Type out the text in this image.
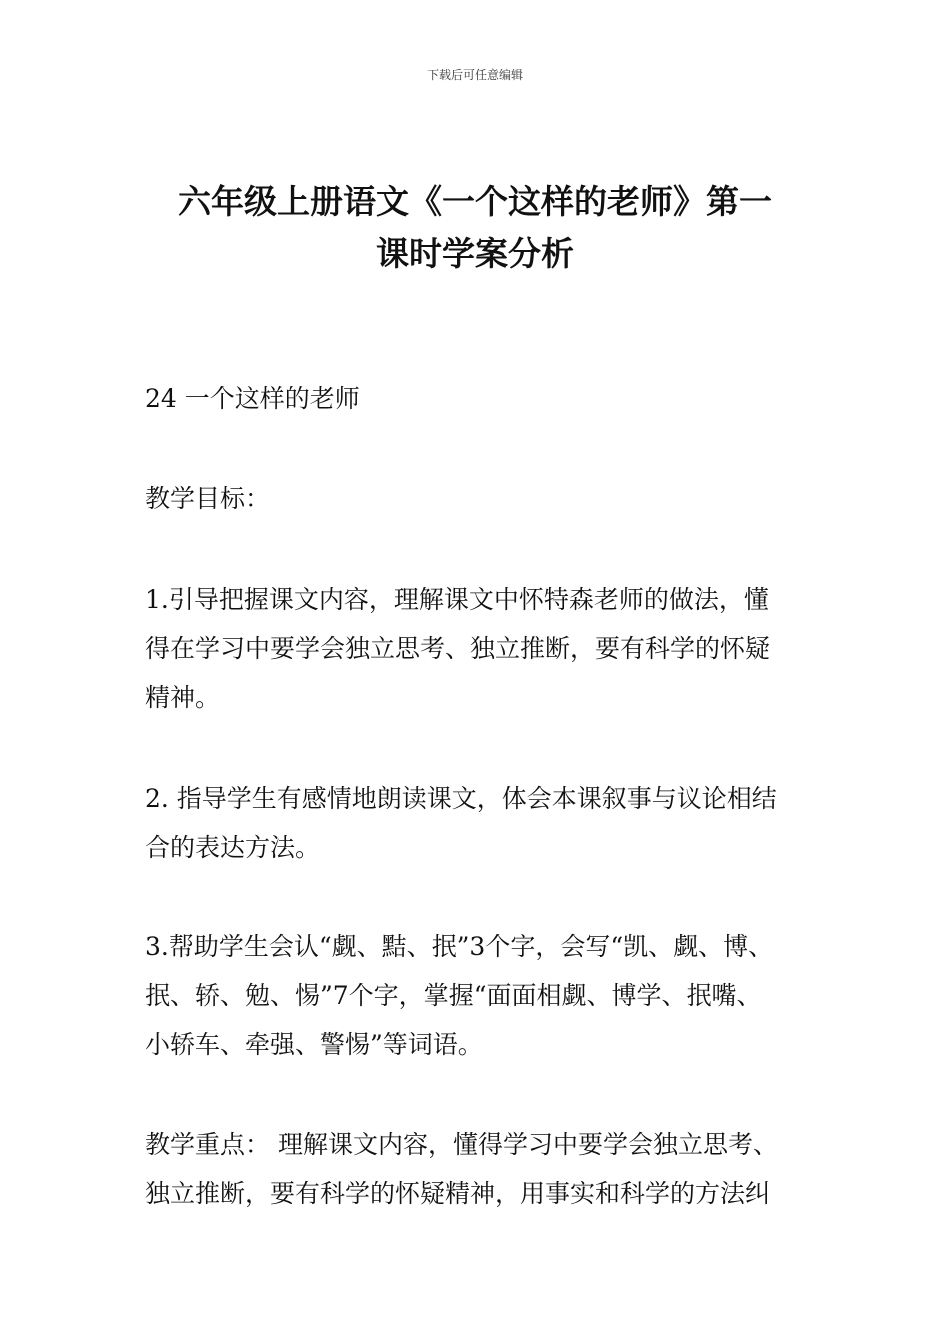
下载后可任意编辑
六年级上册语文《一个这样的老师》第一
课时学案分析
24 一个这样的老师
教学目标：
1.引导把握课文内容，理解课文中怀特森老师的做法，懂
得在学习中要学会独立思考、独立推断，要有科学的怀疑
精神。
2. 指导学生有感情地朗读课文，体会本课叙事与议论相结
合的表达方法。
3.帮助学生会认“觑、黠、抿”3个字，会写“凯、觑、博、
抿、轿、勉、惕”7个字，掌握“面面相觑、博学、抿嘴、
小轿车、牵强、警惕”等词语。
教学重点： 理解课文内容，懂得学习中要学会独立思考、
独立推断，要有科学的怀疑精神，用事实和科学的方法纠
